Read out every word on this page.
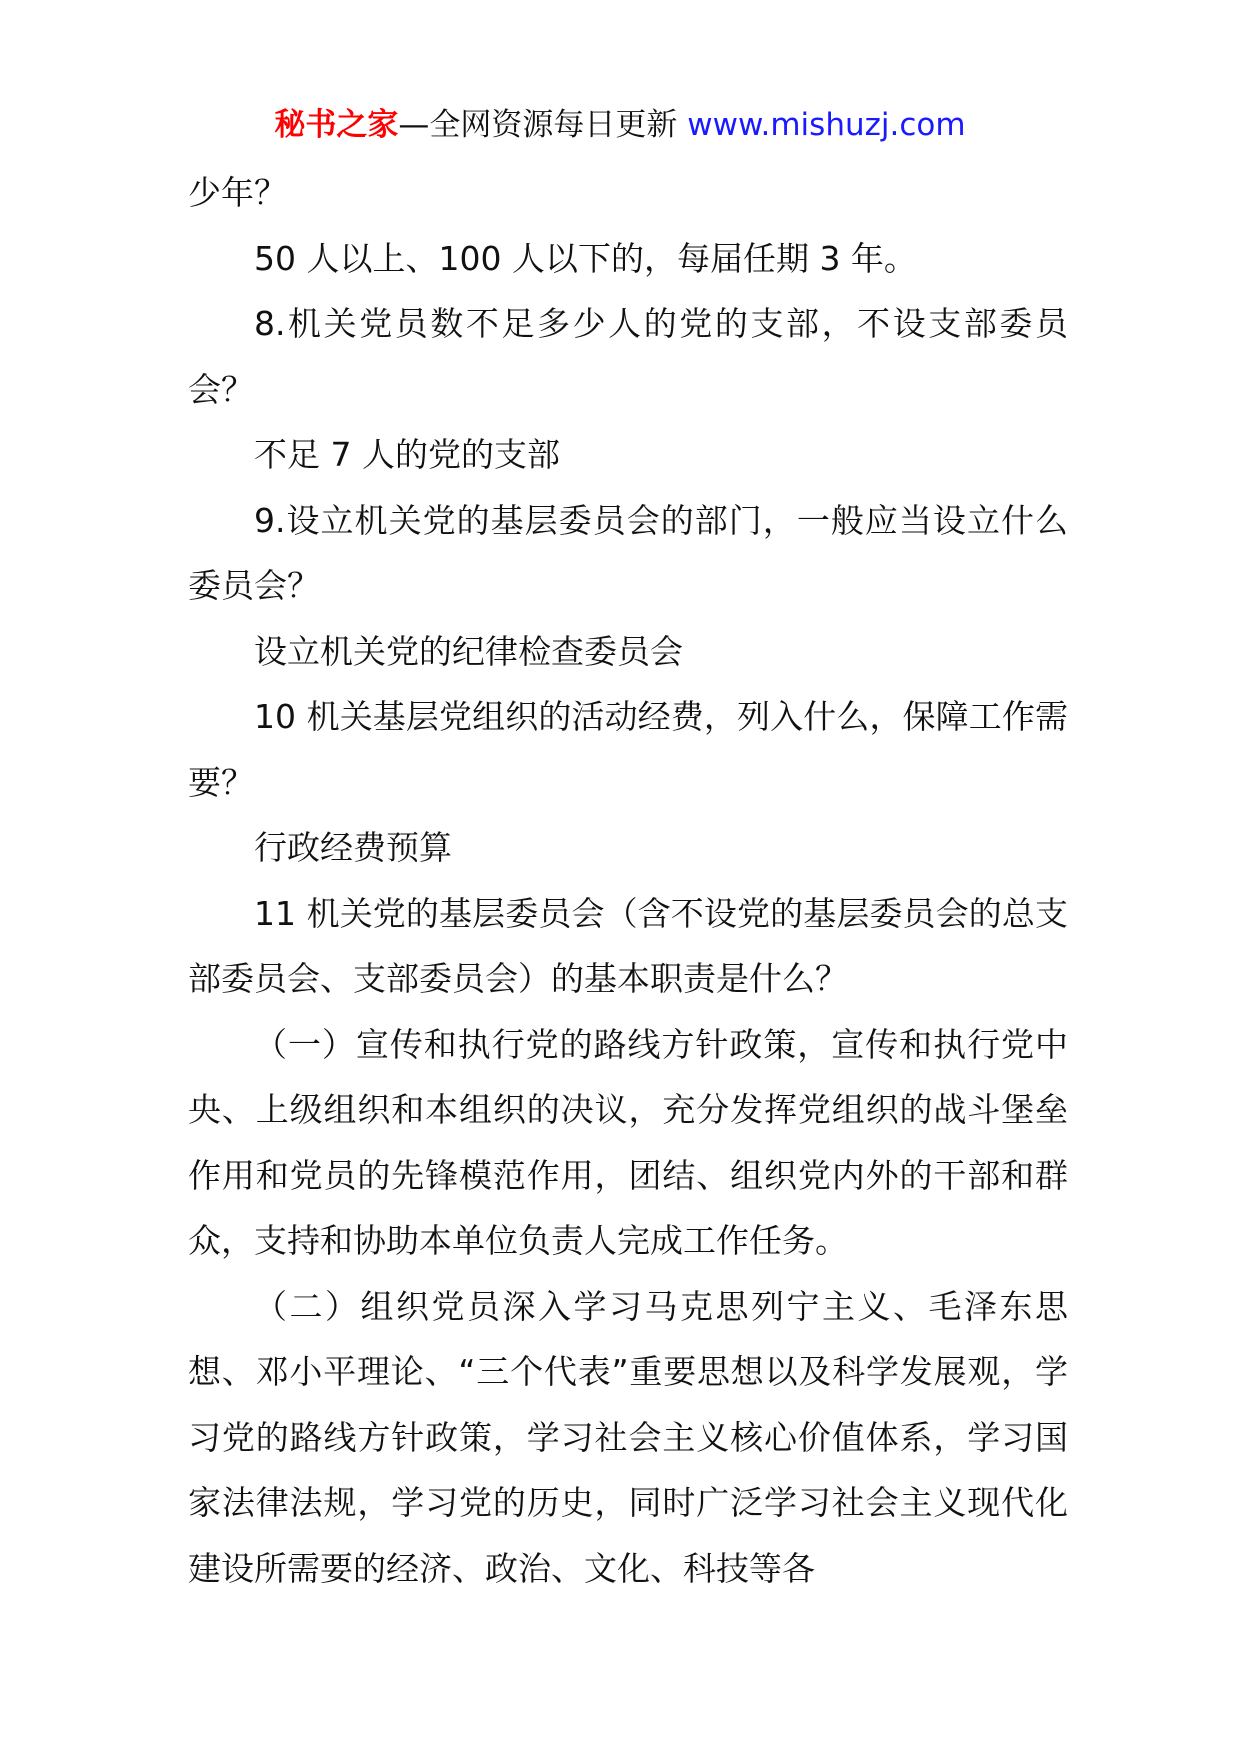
秘书之家—全网资源每日更新 www.mishuzj.com

少年？

50 人以上、100 人以下的，每届任期 3 年。

8.机关党员数不足多少人的党的支部，不设支部委员会？

不足 7 人的党的支部

9.设立机关党的基层委员会的部门，一般应当设立什么委员会？

设立机关党的纪律检查委员会

10 机关基层党组织的活动经费，列入什么，保障工作需要？

行政经费预算

11 机关党的基层委员会（含不设党的基层委员会的总支部委员会、支部委员会）的基本职责是什么？

（一）宣传和执行党的路线方针政策，宣传和执行党中央、上级组织和本组织的决议，充分发挥党组织的战斗堡垒作用和党员的先锋模范作用，团结、组织党内外的干部和群众，支持和协助本单位负责人完成工作任务。

（二）组织党员深入学习马克思列宁主义、毛泽东思想、邓小平理论、“三个代表”重要思想以及科学发展观，学习党的路线方针政策，学习社会主义核心价值体系，学习国家法律法规，学习党的历史，同时广泛学习社会主义现代化建设所需要的经济、政治、文化、科技等各
